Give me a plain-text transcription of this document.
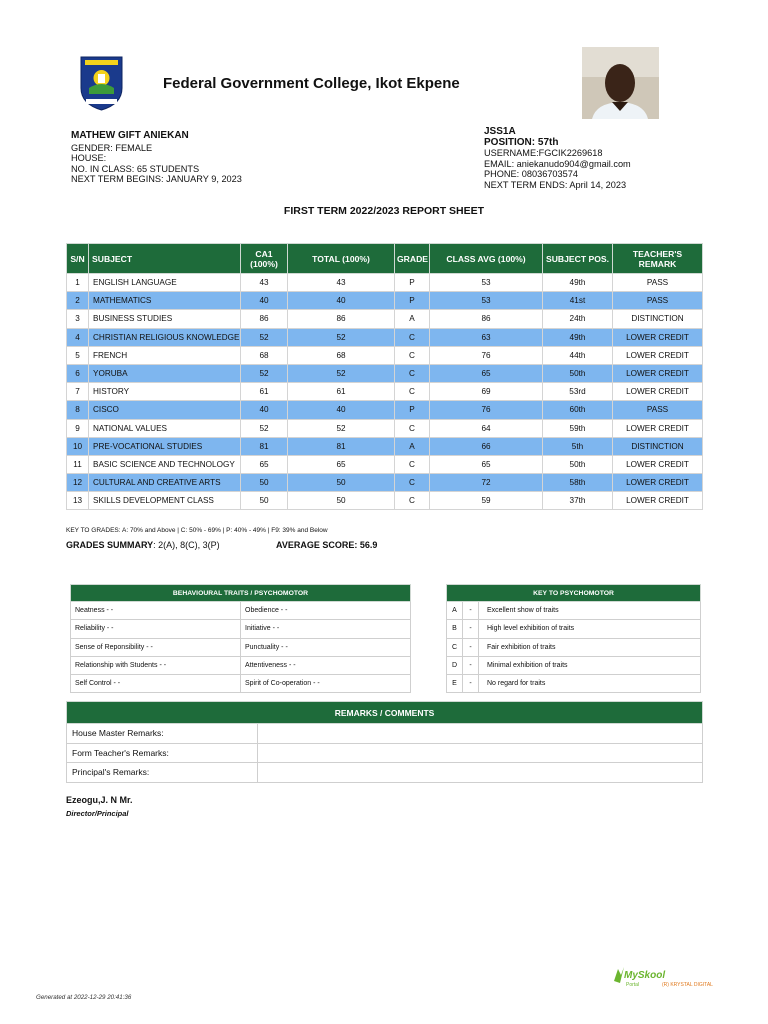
Federal Government College, Ikot Ekpene
MATHEW GIFT ANIEKAN
GENDER: FEMALE
HOUSE:
NO. IN CLASS: 65 STUDENTS
NEXT TERM BEGINS: JANUARY 9, 2023
JSS1A
POSITION: 57th
USERNAME:FGCIK2269618
EMAIL: aniekanudo904@gmail.com
PHONE: 08036703574
NEXT TERM ENDS: April 14, 2023
FIRST TERM 2022/2023 REPORT SHEET
S/N	SUBJECT	CA1 (100%)	TOTAL (100%)	GRADE	CLASS AVG (100%)	SUBJECT POS.	TEACHER'S REMARK
1	ENGLISH LANGUAGE	43	43	P	53	49th	PASS
2	MATHEMATICS	40	40	P	53	41st	PASS
3	BUSINESS STUDIES	86	86	A	86	24th	DISTINCTION
4	CHRISTIAN RELIGIOUS KNOWLEDGE	52	52	C	63	49th	LOWER CREDIT
5	FRENCH	68	68	C	76	44th	LOWER CREDIT
6	YORUBA	52	52	C	65	50th	LOWER CREDIT
7	HISTORY	61	61	C	69	53rd	LOWER CREDIT
8	CISCO	40	40	P	76	60th	PASS
9	NATIONAL VALUES	52	52	C	64	59th	LOWER CREDIT
10	PRE-VOCATIONAL STUDIES	81	81	A	66	5th	DISTINCTION
11	BASIC SCIENCE AND TECHNOLOGY	65	65	C	65	50th	LOWER CREDIT
12	CULTURAL AND CREATIVE ARTS	50	50	C	72	58th	LOWER CREDIT
13	SKILLS DEVELOPMENT CLASS	50	50	C	59	37th	LOWER CREDIT
KEY TO GRADES: A: 70% and Above | C: 50% - 69% | P: 40% - 49% | F9: 39% and Below
GRADES SUMMARY: 2(A), 8(C), 3(P)	AVERAGE SCORE: 56.9
BEHAVIOURAL TRAITS / PSYCHOMOTOR	
Neatness - -	Obedience - -
Reliability - -	Initiative - -
Sense of Reponsibility - -	Punctuality - -
Relationship with Students - -	Attentiveness - -
Self Control - -	Spirit of Co-operation - -
KEY TO PSYCHOMOTOR		
A	-	Excellent show of traits
B	-	High level exhibition of traits
C	-	Fair exhibition of traits
D	-	Minimal exhibition of traits
E	-	No regard for traits
REMARKS / COMMENTS	
House Master Remarks:	
Form Teacher's Remarks:	
Principal's Remarks:	
Ezeogu,J. N Mr.
Director/Principal
MySkool
Portal	(R) KRYSTAL DIGITAL
Generated at 2022-12-29 20:41:36
